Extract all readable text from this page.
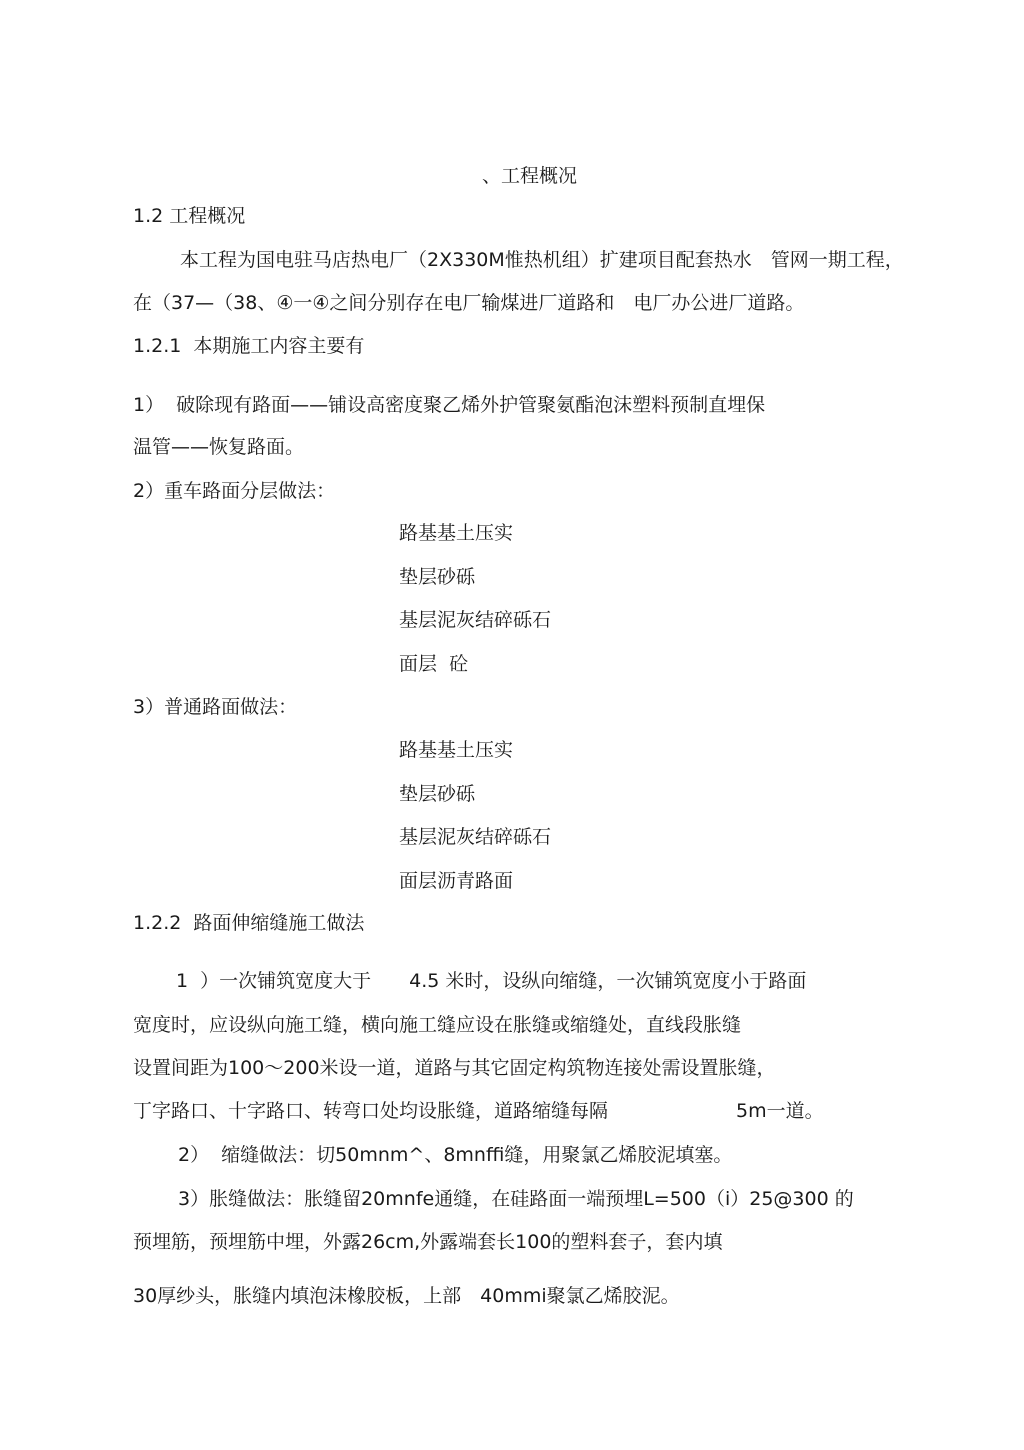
、工程概况
1.2 工程概况
本工程为国电驻马店热电厂（2X330M惟热机组）扩建项目配套热水　管网一期工程，
在（37—（38、④一④之间分别存在电厂输煤进厂道路和　电厂办公进厂道路。
1.2.1  本期施工内容主要有
1）  破除现有路面——铺设高密度聚乙烯外护管聚氨酯泡沫塑料预制直埋保
温管——恢复路面。
2）重车路面分层做法：
路基基土压实
垫层砂砾
基层泥灰结碎砾石
面层  砼
3）普通路面做法：
路基基土压实
垫层砂砾
基层泥灰结碎砾石
面层沥青路面
1.2.2  路面伸缩缝施工做法
1  ）一次铺筑宽度大于　　4.5 米时，设纵向缩缝，一次铺筑宽度小于路面
宽度时，应设纵向施工缝，横向施工缝应设在胀缝或缩缝处，直线段胀缝
设置间距为100〜200米设一道，道路与其它固定构筑物连接处需设置胀缝，
丁字路口、十字路口、转弯口处均设胀缝，道路缩缝每隔	5m一道。
2）  缩缝做法：切50mnm^、8mnffi缝，用聚氯乙烯胶泥填塞。
3）胀缝做法：胀缝留20mnfe通缝，在硅路面一端预埋L=500（i）25@300 的
预埋筋，预埋筋中埋，外露26cm,外露端套长100的塑料套子，套内填
30厚纱头，胀缝内填泡沫橡胶板，上部　40mmi聚氯乙烯胶泥。
